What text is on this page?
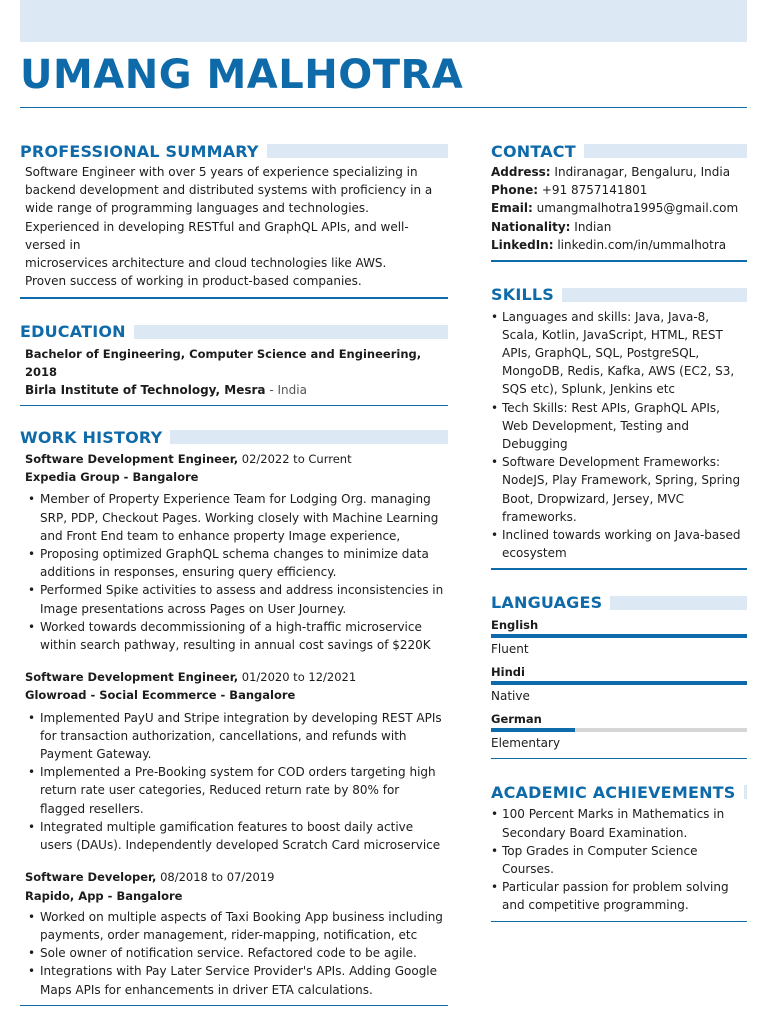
UMANG MALHOTRA
PROFESSIONAL SUMMARY
Software Engineer with over 5 years of experience specializing in
backend development and distributed systems with proficiency in a
wide range of programming languages and technologies.
Experienced in developing RESTful and GraphQL APIs, and well-versed in
microservices architecture and cloud technologies like AWS.
Proven success of working in product-based companies.
EDUCATION
Bachelor of Engineering, Computer Science and Engineering, 2018
Birla Institute of Technology, Mesra - India
WORK HISTORY
Software Development Engineer, 02/2022 to Current
Expedia Group - Bangalore
• Member of Property Experience Team for Lodging Org. managing SRP, PDP, Checkout Pages. Working closely with Machine Learning and Front End team to enhance property Image experience,
• Proposing optimized GraphQL schema changes to minimize data additions in responses, ensuring query efficiency.
• Performed Spike activities to assess and address inconsistencies in Image presentations across Pages on User Journey.
• Worked towards decommissioning of a high-traffic microservice within search pathway, resulting in annual cost savings of $220K
Software Development Engineer, 01/2020 to 12/2021
Glowroad - Social Ecommerce - Bangalore
• Implemented PayU and Stripe integration by developing REST APIs for transaction authorization, cancellations, and refunds with Payment Gateway.
• Implemented a Pre-Booking system for COD orders targeting high return rate user categories, Reduced return rate by 80% for flagged resellers.
• Integrated multiple gamification features to boost daily active users (DAUs). Independently developed Scratch Card microservice
Software Developer, 08/2018 to 07/2019
Rapido, App - Bangalore
• Worked on multiple aspects of Taxi Booking App business including payments, order management, rider-mapping, notification, etc
• Sole owner of notification service. Refactored code to be agile.
• Integrations with Pay Later Service Provider's APIs. Adding Google Maps APIs for enhancements in driver ETA calculations.
CONTACT
Address: Indiranagar, Bengaluru, India
Phone: +91 8757141801
Email: umangmalhotra1995@gmail.com
Nationality: Indian
LinkedIn: linkedin.com/in/ummalhotra
SKILLS
• Languages and skills: Java, Java-8, Scala, Kotlin, JavaScript, HTML, REST APIs, GraphQL, SQL, PostgreSQL, MongoDB, Redis, Kafka, AWS (EC2, S3, SQS etc), Splunk, Jenkins etc
• Tech Skills: Rest APIs, GraphQL APIs, Web Development, Testing and Debugging
• Software Development Frameworks: NodeJS, Play Framework, Spring, Spring Boot, Dropwizard, Jersey, MVC frameworks.
• Inclined towards working on Java-based ecosystem
LANGUAGES
English
Fluent
Hindi
Native
German
Elementary
ACADEMIC ACHIEVEMENTS
• 100 Percent Marks in Mathematics in Secondary Board Examination.
• Top Grades in Computer Science Courses.
• Particular passion for problem solving and competitive programming.
